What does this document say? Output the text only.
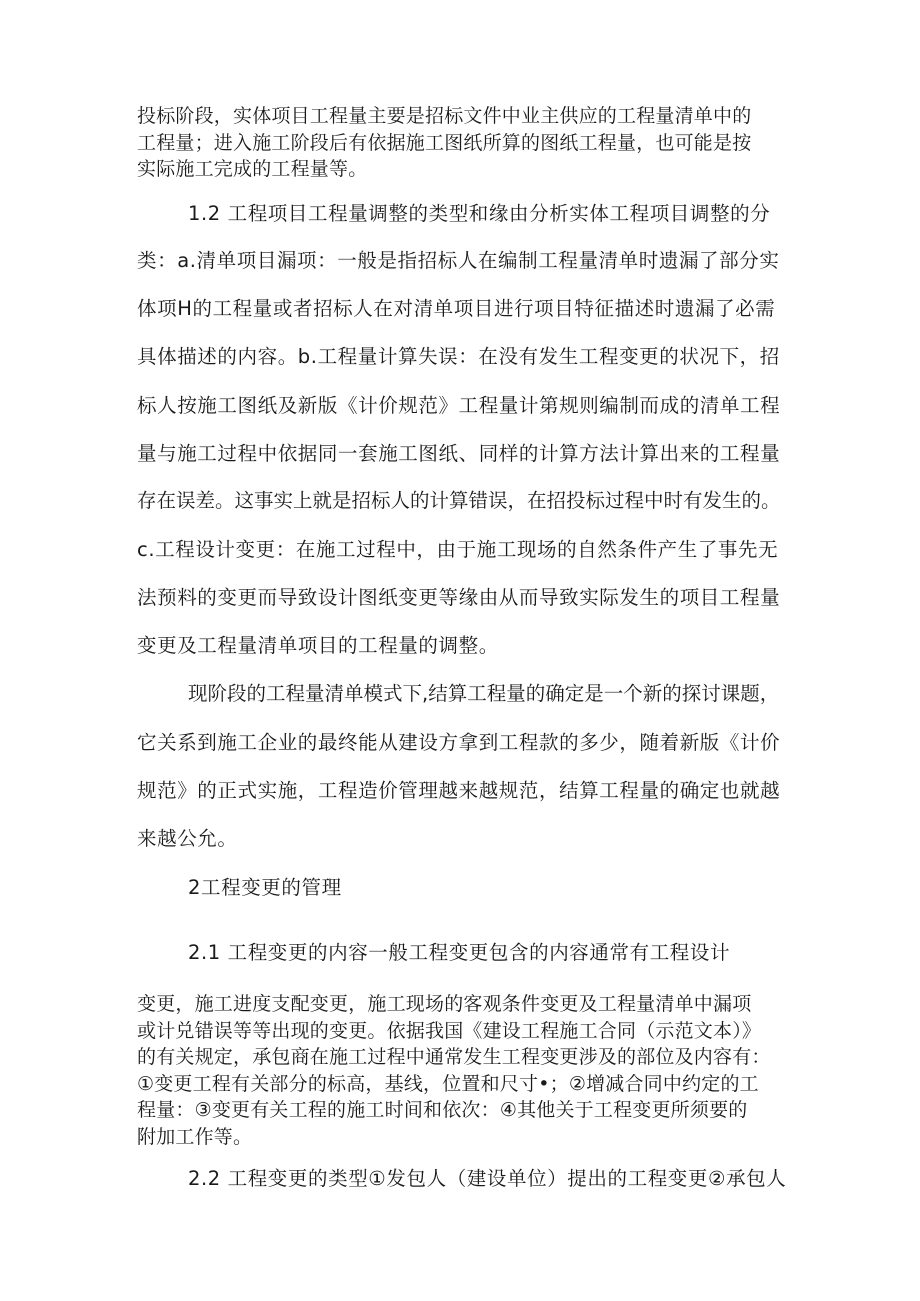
投标阶段，实体项目工程量主要是招标文件中业主供应的工程量清单中的
工程量；进入施工阶段后有依据施工图纸所算的图纸工程量，也可能是按
实际施工完成的工程量等。
1.2 工程项目工程量调整的类型和缘由分析实体工程项目调整的分
类：a.清单项目漏项：一般是指招标人在编制工程量清单时遗漏了部分实
体项H的工程量或者招标人在对清单项目进行项目特征描述时遗漏了必需
具体描述的内容。b.工程量计算失误：在没有发生工程变更的状况下，招
标人按施工图纸及新版《计价规范》工程量计第规则编制而成的清单工程
量与施工过程中依据同一套施工图纸、同样的计算方法计算出来的工程量
存在误差。这事实上就是招标人的计算错误，在招投标过程中时有发生的。
c.工程设计变更：在施工过程中，由于施工现场的自然条件产生了事先无
法预料的变更而导致设计图纸变更等缘由从而导致实际发生的项目工程量
变更及工程量清单项目的工程量的调整。
现阶段的工程量清单模式下,结算工程量的确定是一个新的探讨课题，
它关系到施工企业的最终能从建设方拿到工程款的多少，随着新版《计价
规范》的正式实施，工程造价管理越来越规范，结算工程量的确定也就越
来越公允。
2工程变更的管理
2.1 工程变更的内容一般工程变更包含的内容通常有工程设计
变更，施工进度支配变更，施工现场的客观条件变更及工程量清单中漏项
或计兑错误等等出现的变更。依据我国《建设工程施工合同（示范文本）》
的有关规定，承包商在施工过程中通常发生工程变更涉及的部位及内容有：
①变更工程有关部分的标高，基线，位置和尺寸•；②增减合同中约定的工
程量：③变更有关工程的施工时间和依次：④其他关于工程变更所须要的
附加工作等。
2.2 工程变更的类型①发包人（建设单位）提出的工程变更②承包人
